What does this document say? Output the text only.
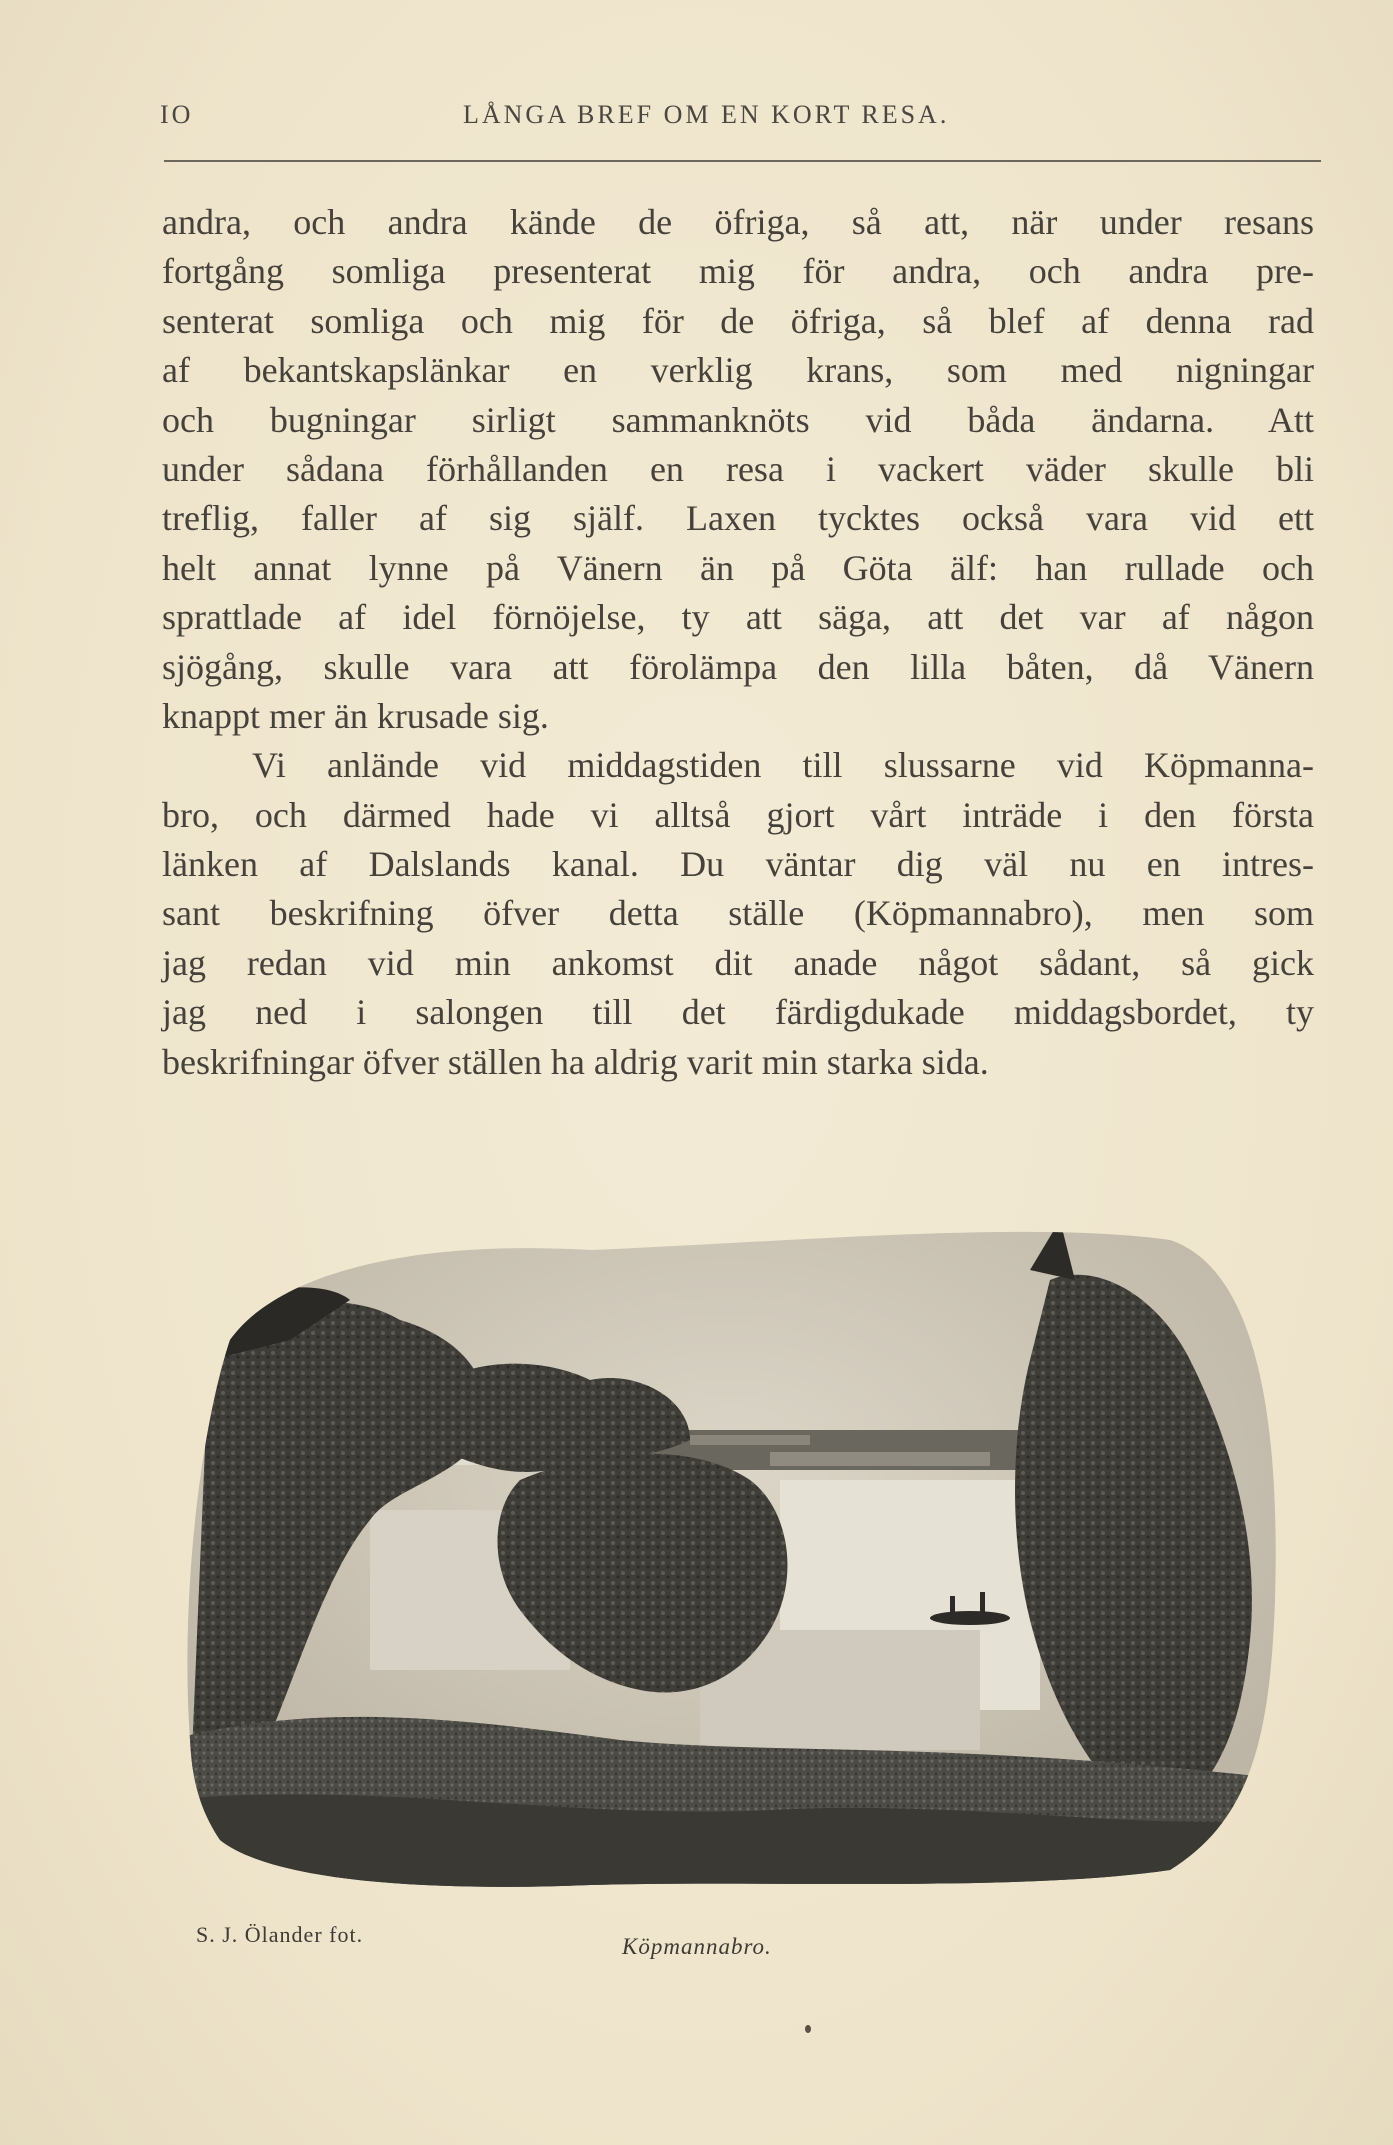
IO	LÅNGA BREF OM EN KORT RESA.
andra, och andra kände de öfriga, så att, när under resans
fortgång somliga presenterat mig för andra, och andra pre-
senterat somliga och mig för de öfriga, så blef af denna rad
af bekantskapslänkar en verklig krans, som med nigningar
och bugningar sirligt sammanknöts vid båda ändarna. Att
under sådana förhållanden en resa i vackert väder skulle bli
treflig, faller af sig själf. Laxen tycktes också vara vid ett
helt annat lynne på Vänern än på Göta älf: han rullade och
sprattlade af idel förnöjelse, ty att säga, att det var af någon
sjögång, skulle vara att förolämpa den lilla båten, då Vänern
knappt mer än krusade sig.
Vi anlände vid middagstiden till slussarne vid Köpmanna-
bro, och därmed hade vi alltså gjort vårt inträde i den första
länken af Dalslands kanal. Du väntar dig väl nu en intres-
sant beskrifning öfver detta ställe (Köpmannabro), men som
jag redan vid min ankomst dit anade något sådant, så gick
jag ned i salongen till det färdigdukade middagsbordet, ty
beskrifningar öfver ställen ha aldrig varit min starka sida.
S. J. Ölander fot.	Köpmannabro.
